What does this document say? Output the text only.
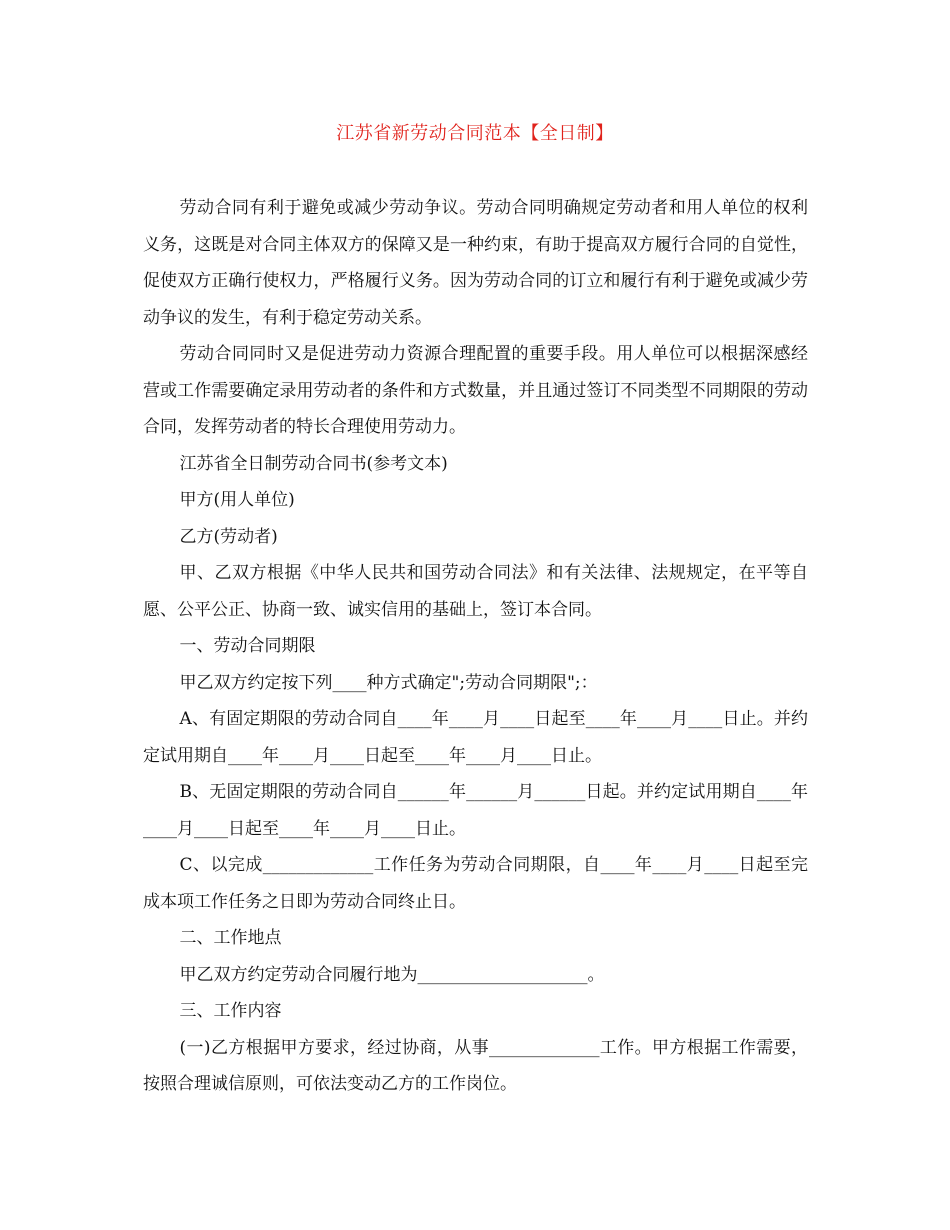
江苏省新劳动合同范本【全日制】

劳动合同有利于避免或减少劳动争议。劳动合同明确规定劳动者和用人单位的权利义务，这既是对合同主体双方的保障又是一种约束，有助于提高双方履行合同的自觉性，促使双方正确行使权力，严格履行义务。因为劳动合同的订立和履行有利于避免或减少劳动争议的发生，有利于稳定劳动关系。

劳动合同同时又是促进劳动力资源合理配置的重要手段。用人单位可以根据深感经营或工作需要确定录用劳动者的条件和方式数量，并且通过签订不同类型不同期限的劳动合同，发挥劳动者的特长合理使用劳动力。

江苏省全日制劳动合同书(参考文本)

甲方(用人单位)

乙方(劳动者)

甲、乙双方根据《中华人民共和国劳动合同法》和有关法律、法规规定，在平等自愿、公平公正、协商一致、诚实信用的基础上，签订本合同。

一、劳动合同期限

甲乙双方约定按下列____种方式确定";劳动合同期限";：

A、有固定期限的劳动合同自____年____月____日起至____年____月____日止。并约定试用期自____年____月____日起至____年____月____日止。

B、无固定期限的劳动合同自______年______月______日起。并约定试用期自____年____月____日起至____年____月____日止。

C、以完成_____________工作任务为劳动合同期限，自____年____月____日起至完成本项工作任务之日即为劳动合同终止日。

二、工作地点

甲乙双方约定劳动合同履行地为____________________。

三、工作内容

(一)乙方根据甲方要求，经过协商，从事_____________工作。甲方根据工作需要，按照合理诚信原则，可依法变动乙方的工作岗位。
